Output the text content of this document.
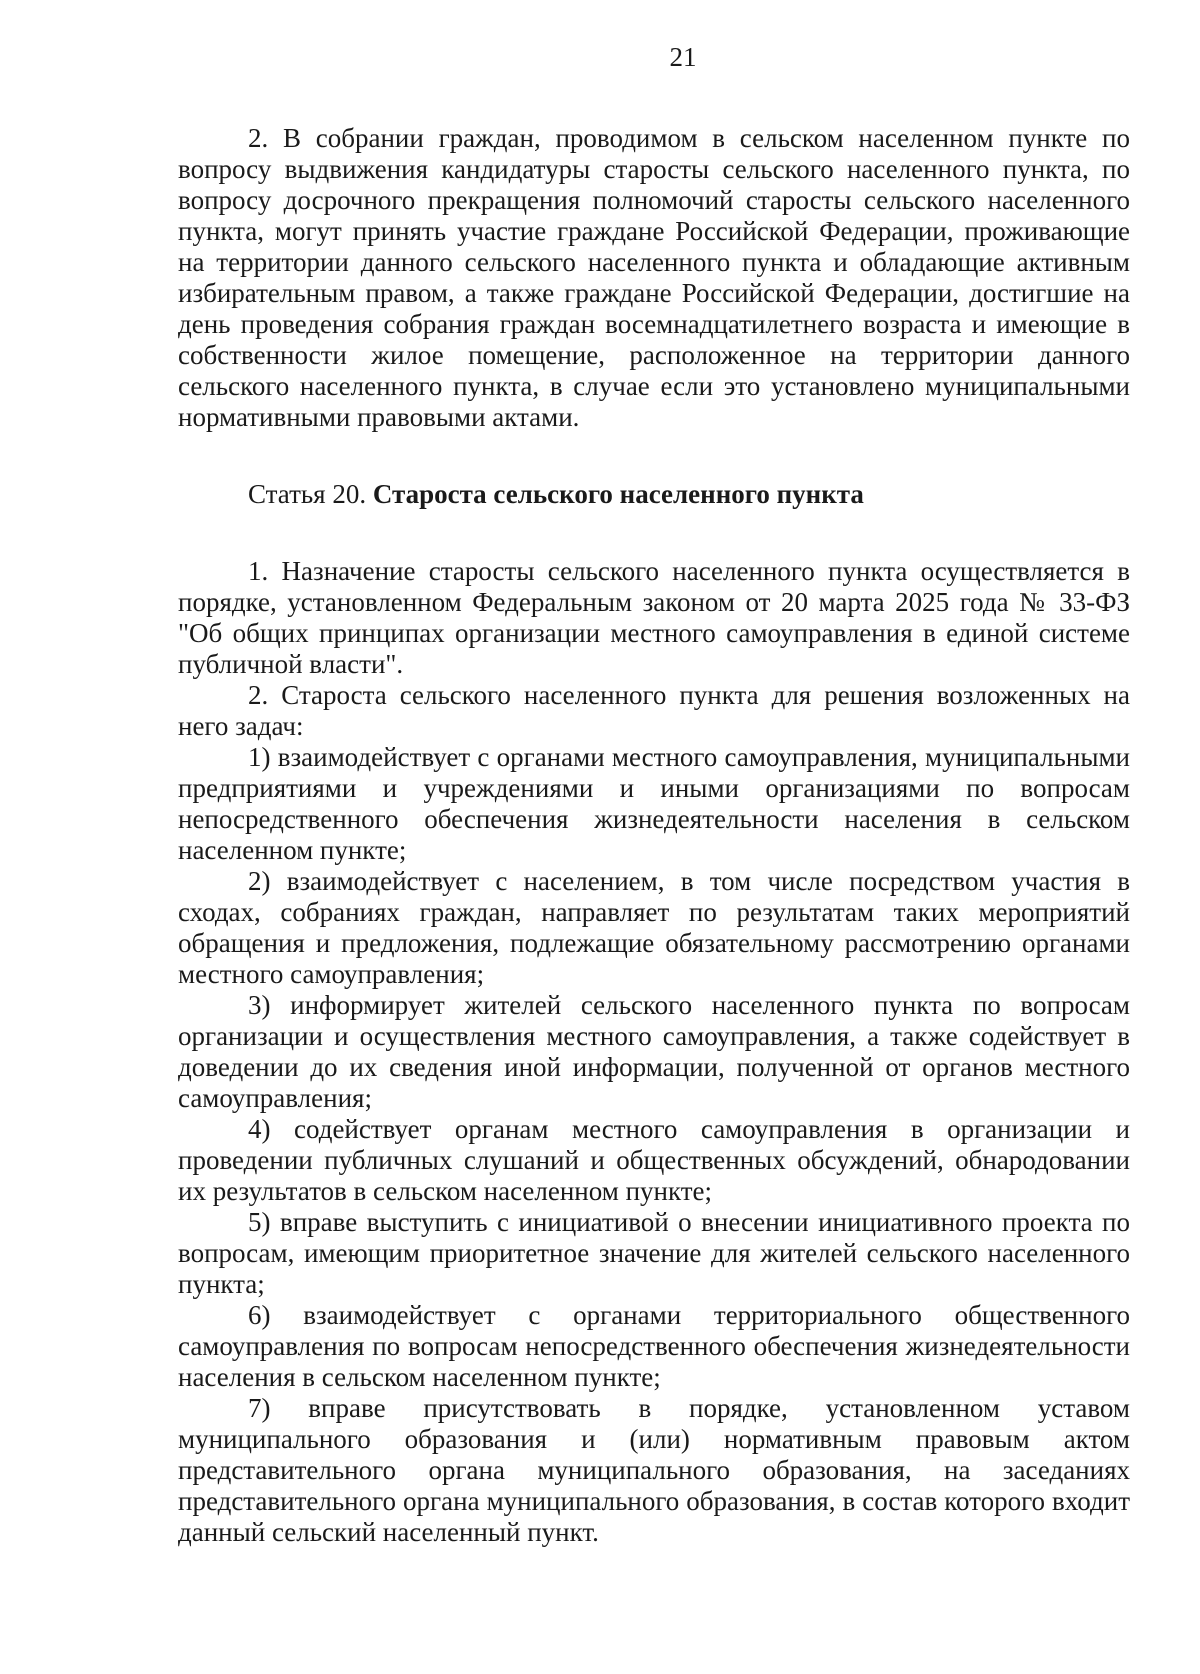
21

2. В собрании граждан, проводимом в сельском населенном пункте по вопросу выдвижения кандидатуры старосты сельского населенного пункта, по вопросу досрочного прекращения полномочий старосты сельского населенного пункта, могут принять участие граждане Российской Федерации, проживающие на территории данного сельского населенного пункта и обладающие активным избирательным правом, а также граждане Российской Федерации, достигшие на день проведения собрания граждан восемнадцатилетнего возраста и имеющие в собственности жилое помещение, расположенное на территории данного сельского населенного пункта, в случае если это установлено муниципальными нормативными правовыми актами.

Статья 20. Староста сельского населенного пункта

1. Назначение старосты сельского населенного пункта осуществляется в порядке, установленном Федеральным законом от 20 марта 2025 года № 33-ФЗ "Об общих принципах организации местного самоуправления в единой системе публичной власти".

2. Староста сельского населенного пункта для решения возложенных на него задач:

1) взаимодействует с органами местного самоуправления, муниципальными предприятиями и учреждениями и иными организациями по вопросам непосредственного обеспечения жизнедеятельности населения в сельском населенном пункте;

2) взаимодействует с населением, в том числе посредством участия в сходах, собраниях граждан, направляет по результатам таких мероприятий обращения и предложения, подлежащие обязательному рассмотрению органами местного самоуправления;

3) информирует жителей сельского населенного пункта по вопросам организации и осуществления местного самоуправления, а также содействует в доведении до их сведения иной информации, полученной от органов местного самоуправления;

4) содействует органам местного самоуправления в организации и проведении публичных слушаний и общественных обсуждений, обнародовании их результатов в сельском населенном пункте;

5) вправе выступить с инициативой о внесении инициативного проекта по вопросам, имеющим приоритетное значение для жителей сельского населенного пункта;

6) взаимодействует с органами территориального общественного самоуправления по вопросам непосредственного обеспечения жизнедеятельности населения в сельском населенном пункте;

7) вправе присутствовать в порядке, установленном уставом муниципального образования и (или) нормативным правовым актом представительного органа муниципального образования, на заседаниях представительного органа муниципального образования, в состав которого входит данный сельский населенный пункт.
